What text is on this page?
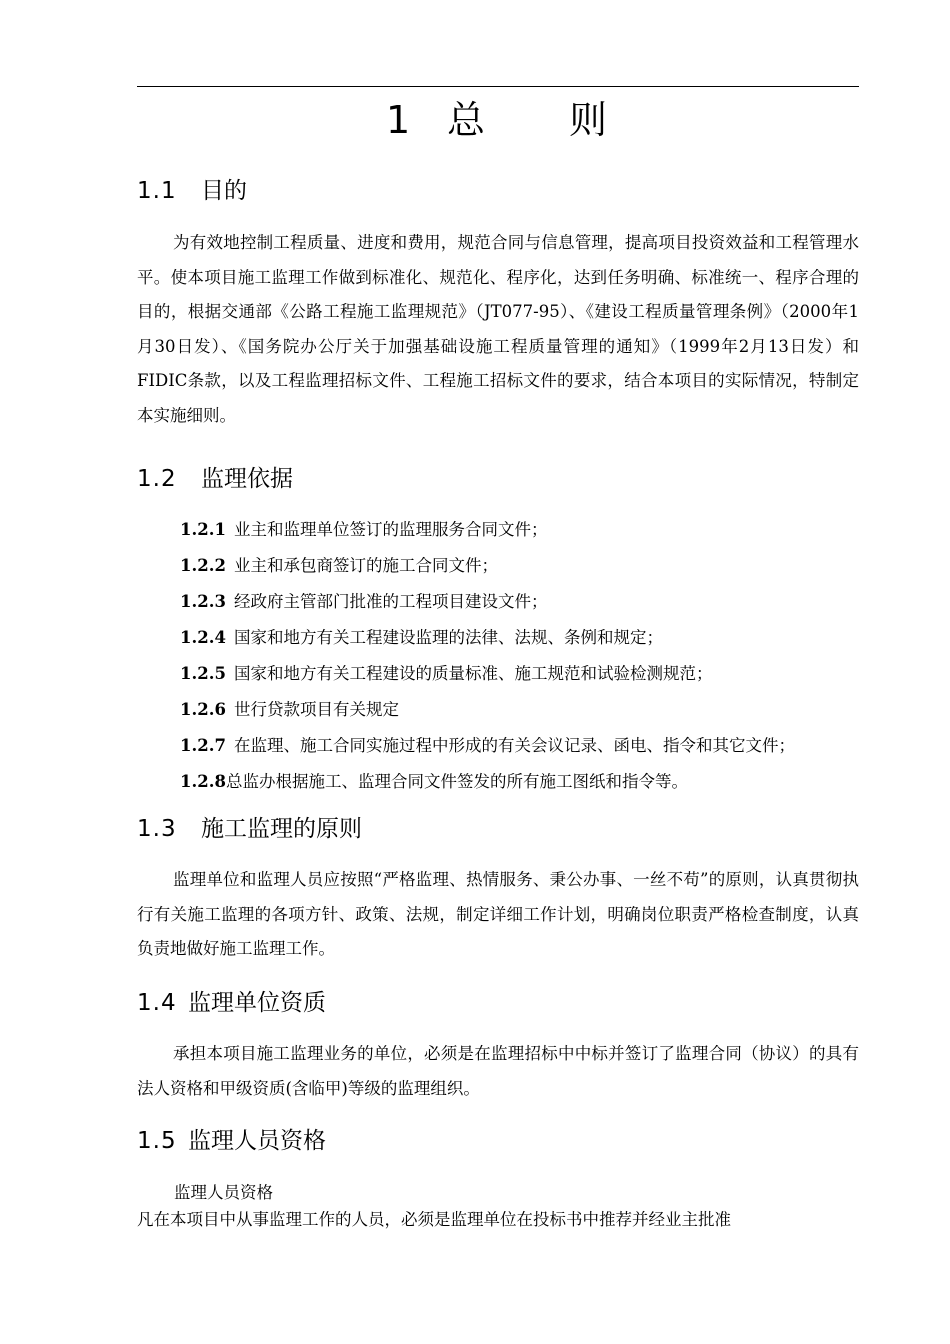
1 总 则
1.1 目的

为有效地控制工程质量、进度和费用，规范合同与信息管理，提高项目投资效益和工程管理水平。使本项目施工监理工作做到标准化、规范化、程序化，达到任务明确、标准统一、程序合理的目的，根据交通部《公路工程施工监理规范》（JT077-95）、《建设工程质量管理条例》（2000年1月30日发）、《国务院办公厅关于加强基础设施工程质量管理的通知》（1999年2月13日发）和FIDIC条款，以及工程监理招标文件、工程施工招标文件的要求，结合本项目的实际情况，特制定本实施细则。

1.2 监理依据
1.2.1 业主和监理单位签订的监理服务合同文件；
1.2.2 业主和承包商签订的施工合同文件；
1.2.3 经政府主管部门批准的工程项目建设文件；
1.2.4 国家和地方有关工程建设监理的法律、法规、条例和规定；
1.2.5 国家和地方有关工程建设的质量标准、施工规范和试验检测规范；
1.2.6 世行贷款项目有关规定
1.2.7 在监理、施工合同实施过程中形成的有关会议记录、函电、指令和其它文件；
1.2.8总监办根据施工、监理合同文件签发的所有施工图纸和指令等。
1.3 施工监理的原则

监理单位和监理人员应按照“严格监理、热情服务、秉公办事、一丝不苟”的原则，认真贯彻执行有关施工监理的各项方针、政策、法规，制定详细工作计划，明确岗位职责严格检查制度，认真负责地做好施工监理工作。

1.4 监理单位资质

承担本项目施工监理业务的单位，必须是在监理招标中中标并签订了监理合同（协议）的具有法人资格和甲级资质(含临甲)等级的监理组织。

1.5 监理人员资格

监理人员资格

凡在本项目中从事监理工作的人员，必须是监理单位在投标书中推荐并经业主批准
